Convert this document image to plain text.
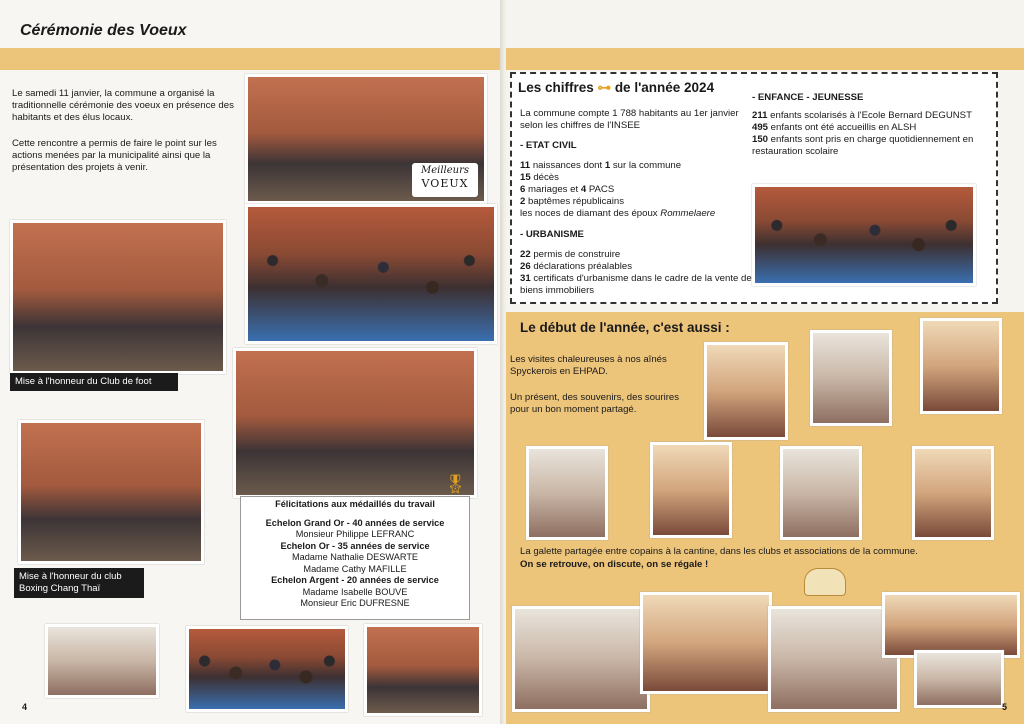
Cérémonie des Voeux
Le samedi 11 janvier, la commune a organisé la traditionnelle cérémonie des voeux en présence des habitants et des élus locaux.
Cette rencontre a permis de faire le point sur les actions menées par la municipalité ainsi que la présentation des projets à venir.	Meilleurs
VOEUX
Mise à l'honneur du Club de foot
🎖
Félicitations aux médaillés du travail
Echelon Grand Or - 40 années de service
Monsieur Philippe LEFRANC
Echelon Or - 35 années de service
Madame Nathalie DESWARTE
Madame Cathy MAFILLE
Echelon Argent - 20 années de service
Madame Isabelle BOUVE
Monsieur Eric DUFRESNE
Mise à l'honneur du club Boxing Chang Thaï
4
Les chiffres ⊶ de l'année 2024
La commune compte 1 788 habitants au 1er janvier selon les chiffres de l'INSEE
- ETAT CIVIL
11 naissances dont 1 sur la commune
15 décès
6 mariages et 4 PACS
2 baptêmes républicains
les noces de diamant des époux Rommelaere
- URBANISME
22 permis de construire
26 déclarations préalables
31 certificats d'urbanisme dans le cadre de la vente de biens immobiliers
- ENFANCE - JEUNESSE
211 enfants scolarisés à l'Ecole Bernard DEGUNST
495 enfants ont été accueillis en ALSH
150 enfants sont pris en charge quotidiennement en restauration scolaire
Le début de l'année, c'est aussi :
Les visites chaleureuses à nos aînés Spyckerois en EHPAD.
Un présent, des souvenirs, des sourires pour un bon moment partagé.
La galette partagée entre copains à la cantine, dans les clubs et associations de la commune.
On se retrouve, on discute, on se régale !
5
